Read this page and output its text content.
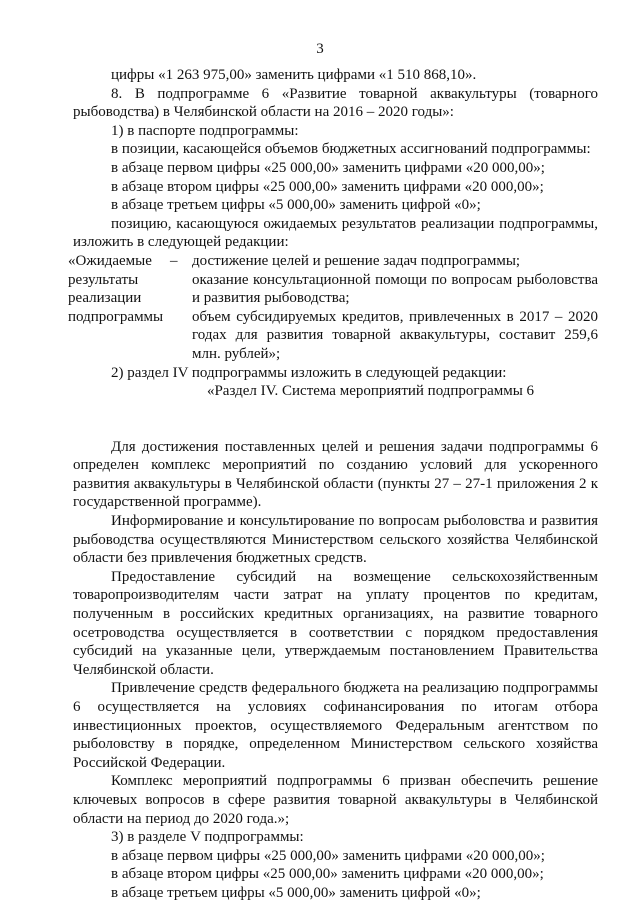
3

цифры «1 263 975,00» заменить цифрами «1 510 868,10».

8. В подпрограмме 6 «Развитие товарной аквакультуры (товарного рыбоводства) в Челябинской области на 2016 – 2020 годы»:

1) в паспорте подпрограммы:

в позиции, касающейся объемов бюджетных ассигнований подпрограммы:

в абзаце первом цифры «25 000,00» заменить цифрами «20 000,00»;

в абзаце втором цифры «25 000,00» заменить цифрами «20 000,00»;

в абзаце третьем цифры «5 000,00» заменить цифрой «0»;

позицию, касающуюся ожидаемых результатов реализации подпрограммы, изложить в следующей редакции:

«Ожидаемые результаты реализации подпрограммы
– достижение целей и решение задач подпрограммы;

оказание консультационной помощи по вопросам рыболовства и развития рыбоводства;

объем субсидируемых кредитов, привлеченных в 2017 – 2020 годах для развития товарной аквакультуры, составит 259,6 млн. рублей»;

2) раздел IV подпрограммы изложить в следующей редакции:

«Раздел IV. Система мероприятий подпрограммы 6

Для достижения поставленных целей и решения задачи подпрограммы 6 определен комплекс мероприятий по созданию условий для ускоренного развития аквакультуры в Челябинской области (пункты 27 – 27-1 приложения 2 к государственной программе).

Информирование и консультирование по вопросам рыболовства и развития рыбоводства осуществляются Министерством сельского хозяйства Челябинской области без привлечения бюджетных средств.

Предоставление субсидий на возмещение сельскохозяйственным товаропроизводителям части затрат на уплату процентов по кредитам, полученным в российских кредитных организациях, на развитие товарного осетроводства осуществляется в соответствии с порядком предоставления субсидий на указанные цели, утверждаемым постановлением Правительства Челябинской области.

Привлечение средств федерального бюджета на реализацию подпрограммы 6 осуществляется на условиях софинансирования по итогам отбора инвестиционных проектов, осуществляемого Федеральным агентством по рыболовству в порядке, определенном Министерством сельского хозяйства Российской Федерации.

Комплекс мероприятий подпрограммы 6 призван обеспечить решение ключевых вопросов в сфере развития товарной аквакультуры в Челябинской области на период до 2020 года.»;

3) в разделе V подпрограммы:

в абзаце первом цифры «25 000,00» заменить цифрами «20 000,00»;

в абзаце втором цифры «25 000,00» заменить цифрами «20 000,00»;

в абзаце третьем цифры «5 000,00» заменить цифрой «0»;
